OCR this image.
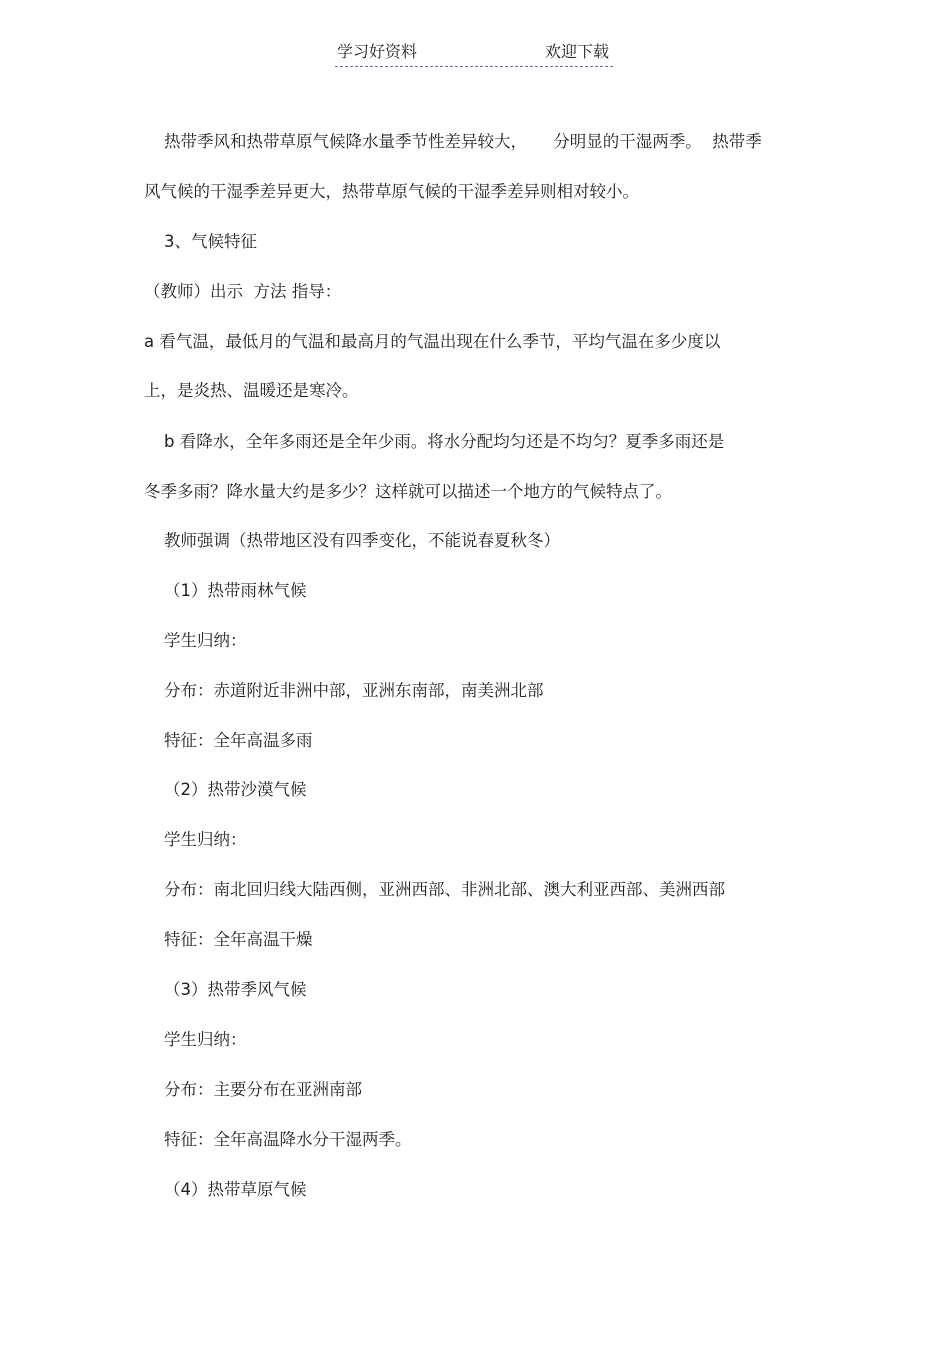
学习好资料	欢迎下载
热带季风和热带草原气候降水量季节性差异较大，     分明显的干湿两季。  热带季
风气候的干湿季差异更大，热带草原气候的干湿季差异则相对较小。
3、气候特征
（教师）出示  方法 指导：
a 看气温，最低月的气温和最高月的气温出现在什么季节，平均气温在多少度以
上，是炎热、温暖还是寒冷。
b 看降水，全年多雨还是全年少雨。将水分配均匀还是不均匀？夏季多雨还是
冬季多雨？降水量大约是多少？这样就可以描述一个地方的气候特点了。
教师强调（热带地区没有四季变化，不能说春夏秋冬）
（1）热带雨林气候
学生归纳：
分布：赤道附近非洲中部，亚洲东南部，南美洲北部
特征：全年高温多雨
（2）热带沙漠气候
学生归纳：
分布：南北回归线大陆西侧，亚洲西部、非洲北部、澳大利亚西部、美洲西部
特征：全年高温干燥
（3）热带季风气候
学生归纳：
分布：主要分布在亚洲南部
特征：全年高温降水分干湿两季。
（4）热带草原气候
